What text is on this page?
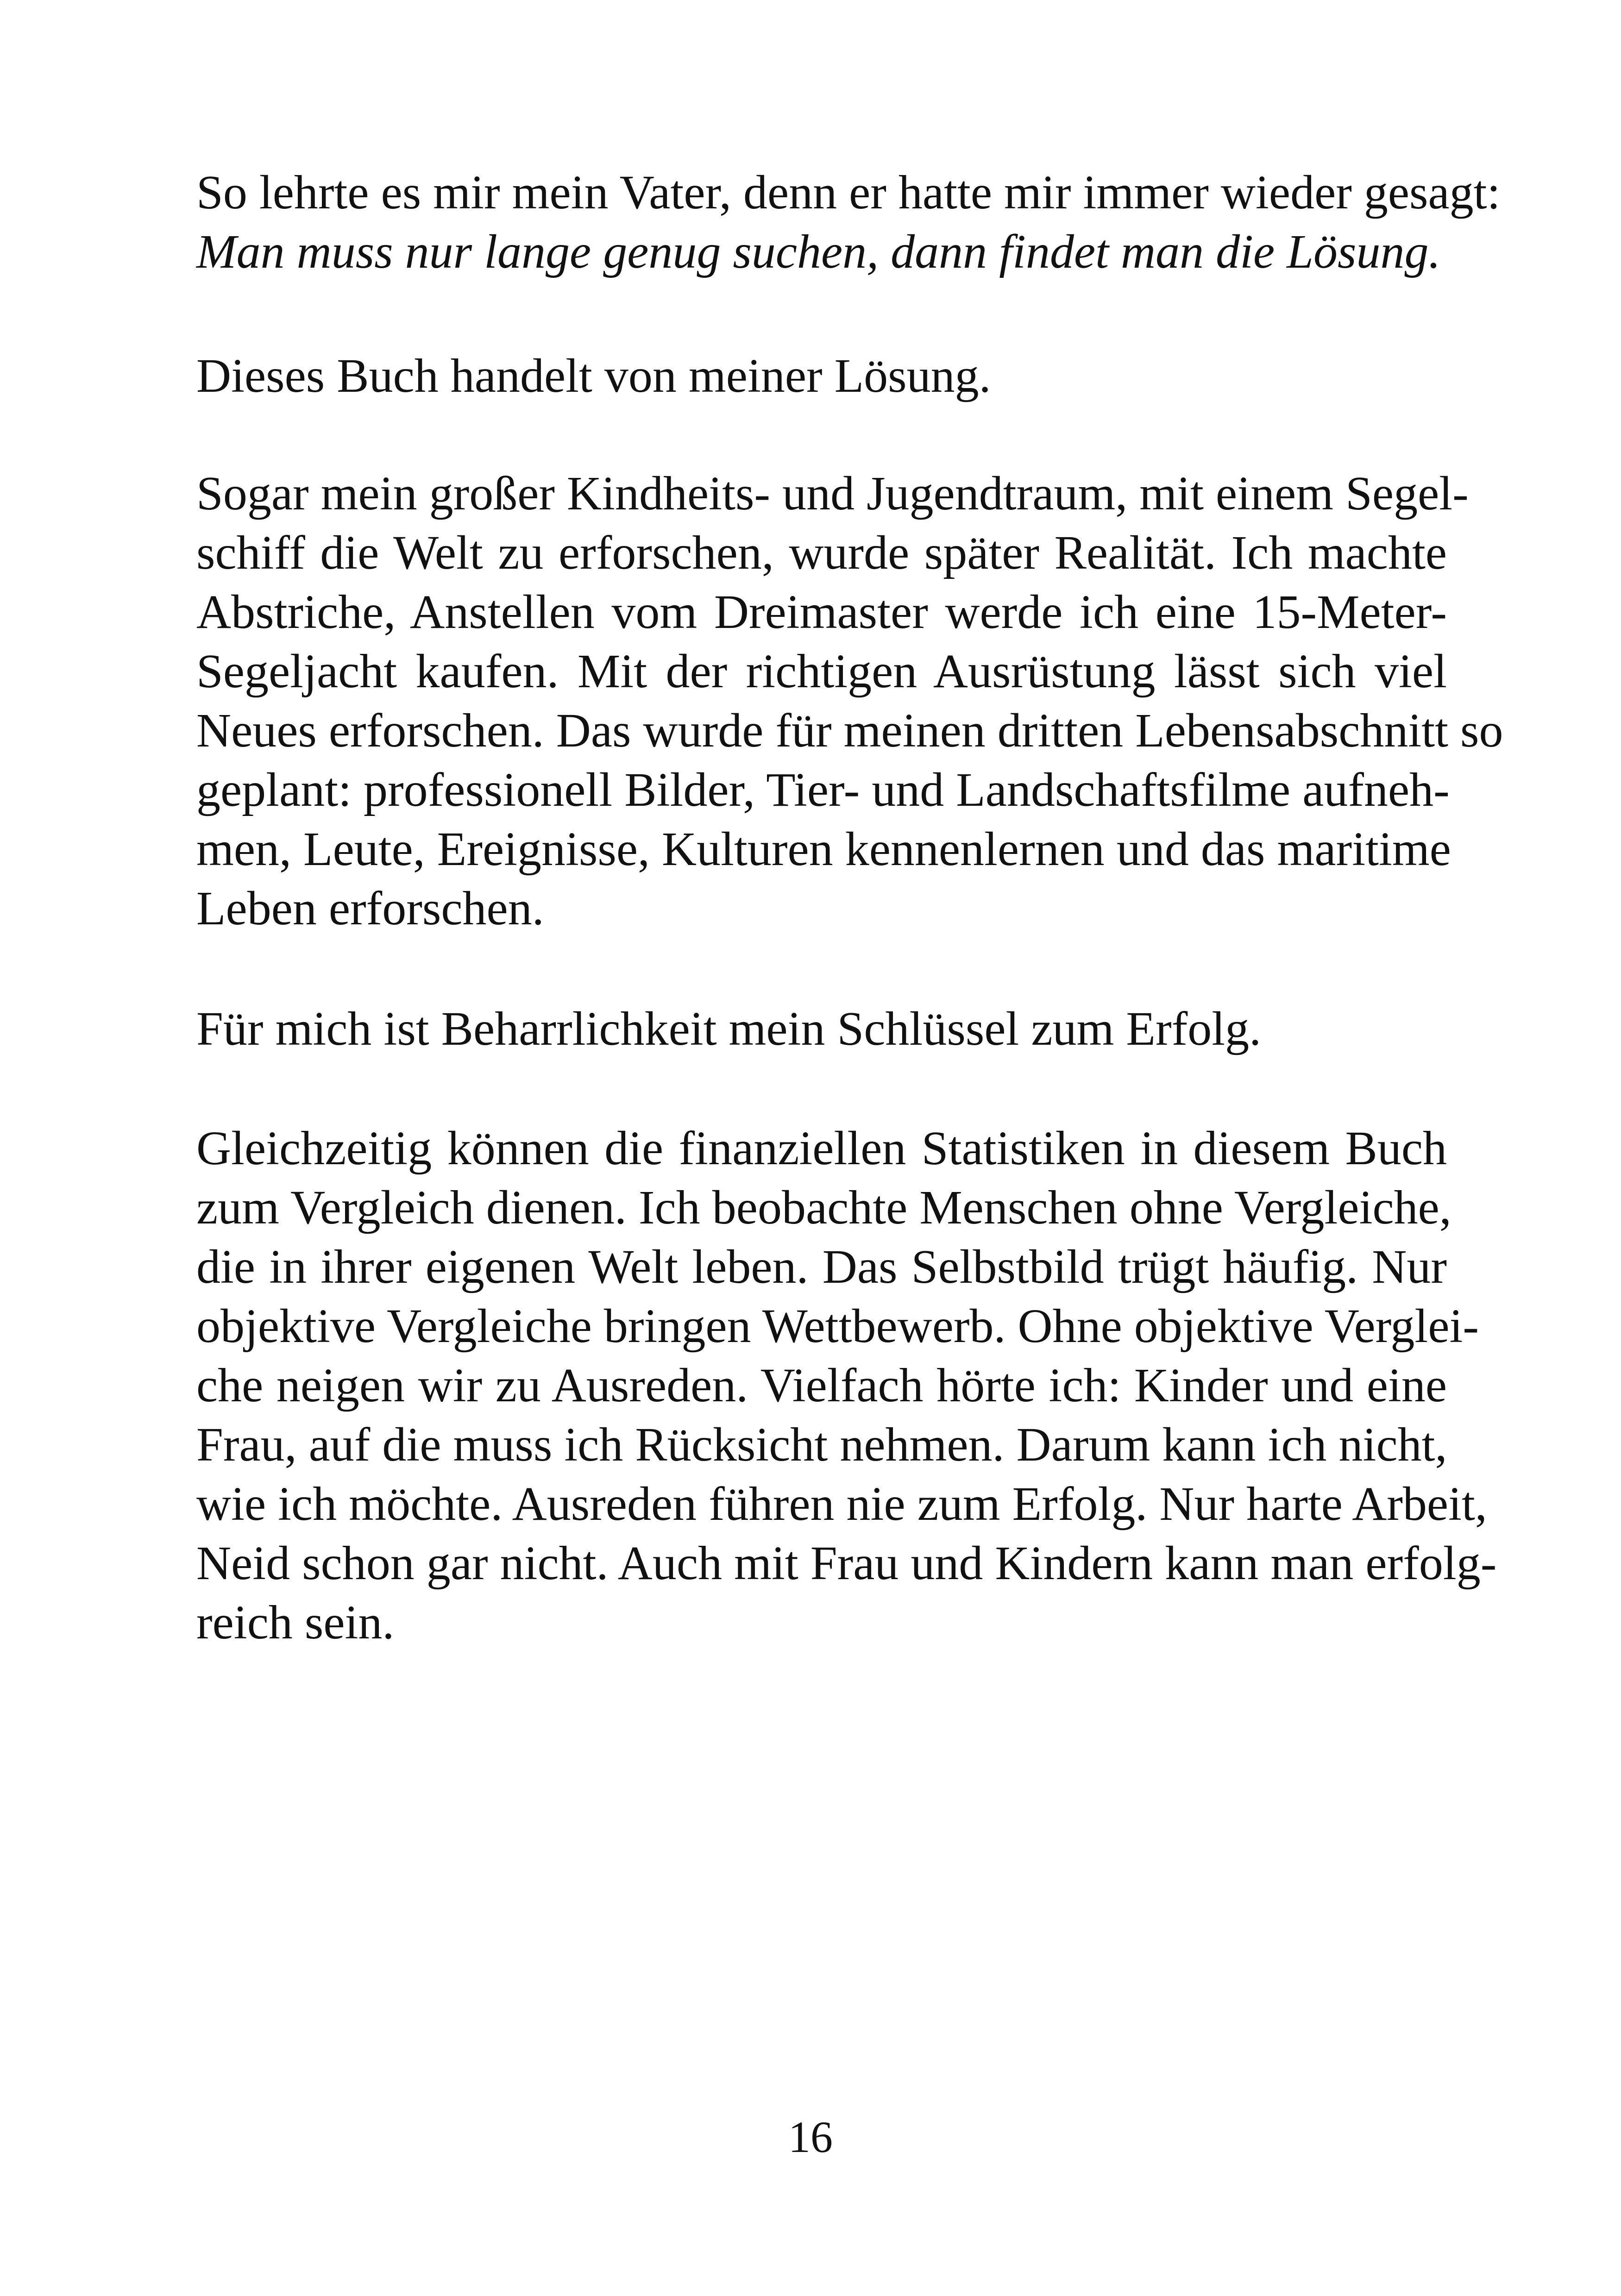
So lehrte es mir mein Vater, denn er hatte mir immer wieder gesagt:
Man muss nur lange genug suchen, dann findet man die Lösung.
Dieses Buch handelt von meiner Lösung.
Sogar mein großer Kindheits- und Jugendtraum, mit einem Segel-
schiff die Welt zu erforschen, wurde später Realität. Ich machte
Abstriche, Anstellen vom Dreimaster werde ich eine 15-Meter-
Segeljacht kaufen. Mit der richtigen Ausrüstung lässt sich viel
Neues erforschen. Das wurde für meinen dritten Lebensabschnitt so
geplant: professionell Bilder, Tier- und Landschaftsfilme aufneh-
men, Leute, Ereignisse, Kulturen kennenlernen und das maritime
Leben erforschen.
Für mich ist Beharrlichkeit mein Schlüssel zum Erfolg.
Gleichzeitig können die finanziellen Statistiken in diesem Buch
zum Vergleich dienen. Ich beobachte Menschen ohne Vergleiche,
die in ihrer eigenen Welt leben. Das Selbstbild trügt häufig. Nur
objektive Vergleiche bringen Wettbewerb. Ohne objektive Verglei-
che neigen wir zu Ausreden. Vielfach hörte ich: Kinder und eine
Frau, auf die muss ich Rücksicht nehmen. Darum kann ich nicht,
wie ich möchte. Ausreden führen nie zum Erfolg. Nur harte Arbeit,
Neid schon gar nicht. Auch mit Frau und Kindern kann man erfolg-
reich sein.
16
